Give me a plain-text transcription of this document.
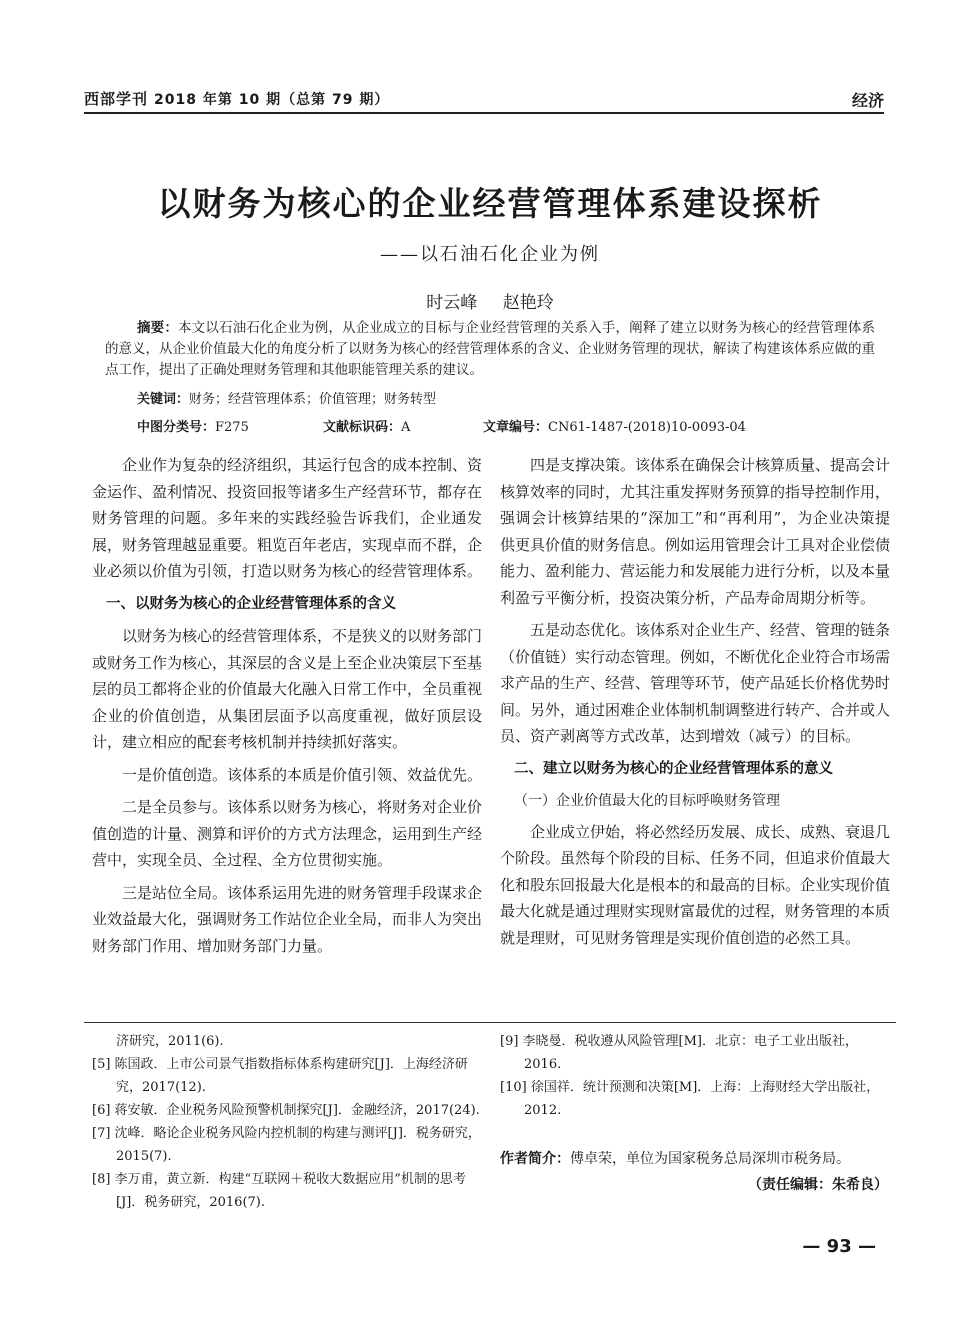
西部学刊 2018 年第 10 期（总第 79 期）	经济
以财务为核心的企业经营管理体系建设探析
——以石油石化企业为例
时云峰 赵艳玲

摘要：本文以石油石化企业为例，从企业成立的目标与企业经营管理的关系入手，阐释了建立以财务为核心的经营管理体系的意义，从企业价值最大化的角度分析了以财务为核心的经营管理体系的含义、企业财务管理的现状，解读了构建该体系应做的重点工作，提出了正确处理财务管理和其他职能管理关系的建议。

关键词：财务；经营管理体系；价值管理；财务转型
中图分类号：F275	文献标识码：A	文章编号：CN61-1487-(2018)10-0093-04

企业作为复杂的经济组织，其运行包含的成本控制、资金运作、盈利情况、投资回报等诸多生产经营环节，都存在财务管理的问题。多年来的实践经验告诉我们，企业通发展，财务管理越显重要。粗览百年老店，实现卓而不群，企业必须以价值为引领，打造以财务为核心的经营管理体系。

一、以财务为核心的企业经营管理体系的含义

以财务为核心的经营管理体系，不是狭义的以财务部门或财务工作为核心，其深层的含义是上至企业决策层下至基层的员工都将企业的价值最大化融入日常工作中，全员重视企业的价值创造，从集团层面予以高度重视，做好顶层设计，建立相应的配套考核机制并持续抓好落实。

一是价值创造。该体系的本质是价值引领、效益优先。

二是全员参与。该体系以财务为核心，将财务对企业价值创造的计量、测算和评价的方式方法理念，运用到生产经营中，实现全员、全过程、全方位贯彻实施。

三是站位全局。该体系运用先进的财务管理手段谋求企业效益最大化，强调财务工作站位企业全局，而非人为突出财务部门作用、增加财务部门力量。

四是支撑决策。该体系在确保会计核算质量、提高会计核算效率的同时，尤其注重发挥财务预算的指导控制作用，强调会计核算结果的“深加工”和“再利用”，为企业决策提供更具价值的财务信息。例如运用管理会计工具对企业偿债能力、盈利能力、营运能力和发展能力进行分析，以及本量利盈亏平衡分析，投资决策分析，产品寿命周期分析等。

五是动态优化。该体系对企业生产、经营、管理的链条（价值链）实行动态管理。例如，不断优化企业符合市场需求产品的生产、经营、管理等环节，使产品延长价格优势时间。另外，通过困难企业体制机制调整进行转产、合并或人员、资产剥离等方式改革，达到增效（减亏）的目标。

二、建立以财务为核心的企业经营管理体系的意义
（一）企业价值最大化的目标呼唤财务管理

企业成立伊始，将必然经历发展、成长、成熟、衰退几个阶段。虽然每个阶段的目标、任务不同，但追求价值最大化和股东回报最大化是根本的和最高的目标。企业实现价值最大化就是通过理财实现财富最优的过程，财务管理的本质就是理财，可见财务管理是实现价值创造的必然工具。

济研究，2011(6).

[5] 陈国政．上市公司景气指数指标体系构建研究[J]．上海经济研究，2017(12).

[6] 蒋安敏．企业税务风险预警机制探究[J]．金融经济，2017(24).

[7] 沈峰．略论企业税务风险内控机制的构建与测评[J]．税务研究，2015(7).

[8] 李万甫，黄立新．构建“互联网＋税收大数据应用”机制的思考[J]．税务研究，2016(7).

[9] 李晓曼．税收遵从风险管理[M]．北京：电子工业出版社，2016.

[10] 徐国祥．统计预测和决策[M]．上海：上海财经大学出版社，2012.

作者简介：傅卓荣，单位为国家税务总局深圳市税务局。
（责任编辑：朱希良）
— 93 —
